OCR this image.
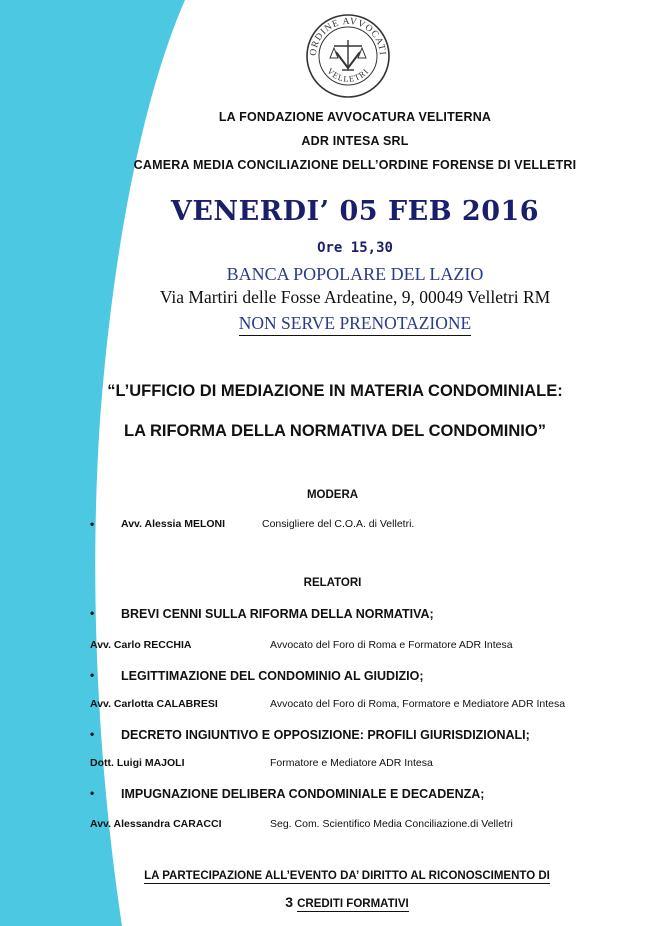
ORDINE AVVOCATI
VELLETRI
LA FONDAZIONE AVVOCATURA VELITERNA
ADR INTESA SRL
CAMERA MEDIA CONCILIAZIONE DELL’ORDINE FORENSE DI VELLETRI
VENERDI’ 05 FEB 2016
Ore 15,30
BANCA POPOLARE DEL LAZIO
Via Martiri delle Fosse Ardeatine, 9, 00049 Velletri RM
NON SERVE PRENOTAZIONE
“L’UFFICIO DI MEDIAZIONE IN MATERIA CONDOMINIALE:
LA RIFORMA DELLA NORMATIVA DEL CONDOMINIO”
MODERA
•	Avv. Alessia MELONI	Consigliere del C.O.A. di Velletri.
RELATORI
• BREVI CENNI SULLA RIFORMA DELLA NORMATIVA;
Avv. Carlo RECCHIA	Avvocato del Foro di Roma e Formatore ADR Intesa
• LEGITTIMAZIONE DEL CONDOMINIO AL GIUDIZIO;
Avv. Carlotta CALABRESI	Avvocato del Foro di Roma, Formatore e Mediatore ADR Intesa
• DECRETO INGIUNTIVO E OPPOSIZIONE: PROFILI GIURISDIZIONALI;
Dott. Luigi MAJOLI	Formatore e Mediatore ADR Intesa
• IMPUGNAZIONE DELIBERA CONDOMINIALE E DECADENZA;
Avv. Alessandra CARACCI	Seg. Com. Scientifico Media Conciliazione.di Velletri
LA PARTECIPAZIONE ALL’EVENTO DA’ DIRITTO AL RICONOSCIMENTO DI
3 CREDITI FORMATIVI
